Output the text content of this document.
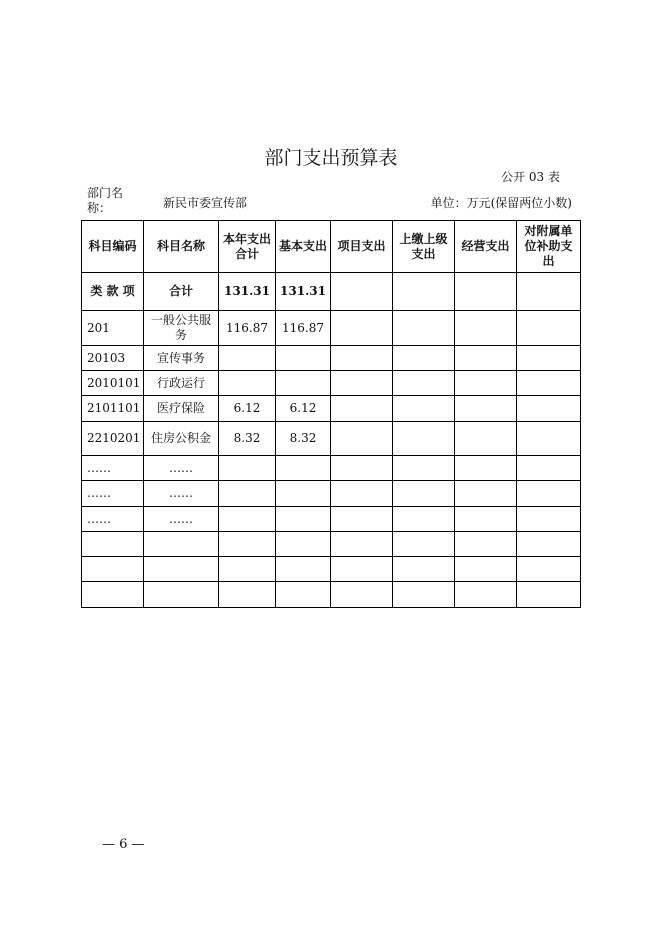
部门支出预算表
公开 03 表
部门名称：	新民市委宣传部	单位：万元(保留两位小数)
科目编码	科目名称	本年支出合计	基本支出	项目支出	上缴上级支出	经营支出	对附属单位补助支出
类 款 项	合计	131.31	131.31				
201	一般公共服务	116.87	116.87				
20103	宣传事务						
2010101	行政运行						
2101101	医疗保险	6.12	6.12				
2210201	住房公积金	8.32	8.32				
……	……						
……	……						
……	……						

— 6 —
